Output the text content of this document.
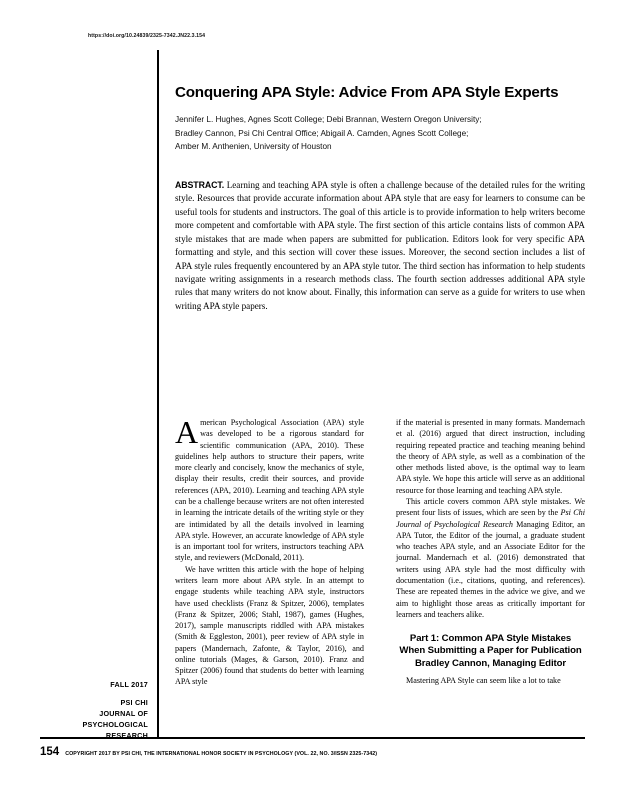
https://doi.org/10.24839/2325-7342.JN22.3.154
Conquering APA Style: Advice From APA Style Experts
Jennifer L. Hughes, Agnes Scott College; Debi Brannan, Western Oregon University;
Bradley Cannon, Psi Chi Central Office; Abigail A. Camden, Agnes Scott College;
Amber M. Anthenien, University of Houston

ABSTRACT. Learning and teaching APA style is often a challenge because of the detailed rules for the writing style. Resources that provide accurate information about APA style that are easy for learners to consume can be useful tools for students and instructors. The goal of this article is to provide information to help writers become more competent and comfortable with APA style. The first section of this article contains lists of common APA style mistakes that are made when papers are submitted for publication. Editors look for very specific APA formatting and style, and this section will cover these issues. Moreover, the second section includes a list of APA style rules frequently encountered by an APA style tutor. The third section has information to help students navigate writing assignments in a research methods class. The fourth section addresses additional APA style rules that many writers do not know about. Finally, this information can serve as a guide for writers to use when writing APA style papers.

American Psychological Association (APA) style was developed to be a rigorous standard for scientific communication (APA, 2010). These guidelines help authors to structure their papers, write more clearly and concisely, know the mechanics of style, display their results, credit their sources, and provide references (APA, 2010). Learning and teaching APA style can be a challenge because writers are not often interested in learning the intricate details of the writing style or they are intimidated by all the details involved in learning APA style. However, an accurate knowledge of APA style is an important tool for writers, instructors teaching APA style, and reviewers (McDonald, 2011).

We have written this article with the hope of helping writers learn more about APA style. In an attempt to engage students while teaching APA style, instructors have used checklists (Franz & Spitzer, 2006), templates (Franz & Spitzer, 2006; Stahl, 1987), games (Hughes, 2017), sample manuscripts riddled with APA mistakes (Smith & Eggleston, 2001), peer review of APA style in papers (Mandernach, Zafonte, & Taylor, 2016), and online tutorials (Mages, & Garson, 2010). Franz and Spitzer (2006) found that students do better with learning APA style

if the material is presented in many formats. Mandernach et al. (2016) argued that direct instruction, including requiring repeated practice and teaching meaning behind the theory of APA style, as well as a combination of the other methods listed above, is the optimal way to learn APA style. We hope this article will serve as an additional resource for those learning and teaching APA style.

This article covers common APA style mistakes. We present four lists of issues, which are seen by the Psi Chi Journal of Psychological Research Managing Editor, an APA Tutor, the Editor of the journal, a graduate student who teaches APA style, and an Associate Editor for the journal. Mandernach et al. (2016) demonstrated that writers using APA style had the most difficulty with documentation (i.e., citations, quoting, and references). These are repeated themes in the advice we give, and we aim to highlight those areas as critically important for learners and teachers alike.

Part 1: Common APA Style Mistakes
When Submitting a Paper for Publication
Bradley Cannon, Managing Editor

Mastering APA Style can seem like a lot to take

FALL 2017
PSI CHI
JOURNAL OF
PSYCHOLOGICAL
RESEARCH
154 COPYRIGHT 2017 BY PSI CHI, THE INTERNATIONAL HONOR SOCIETY IN PSYCHOLOGY (VOL. 22, NO. 3/ISSN 2325-7342)
